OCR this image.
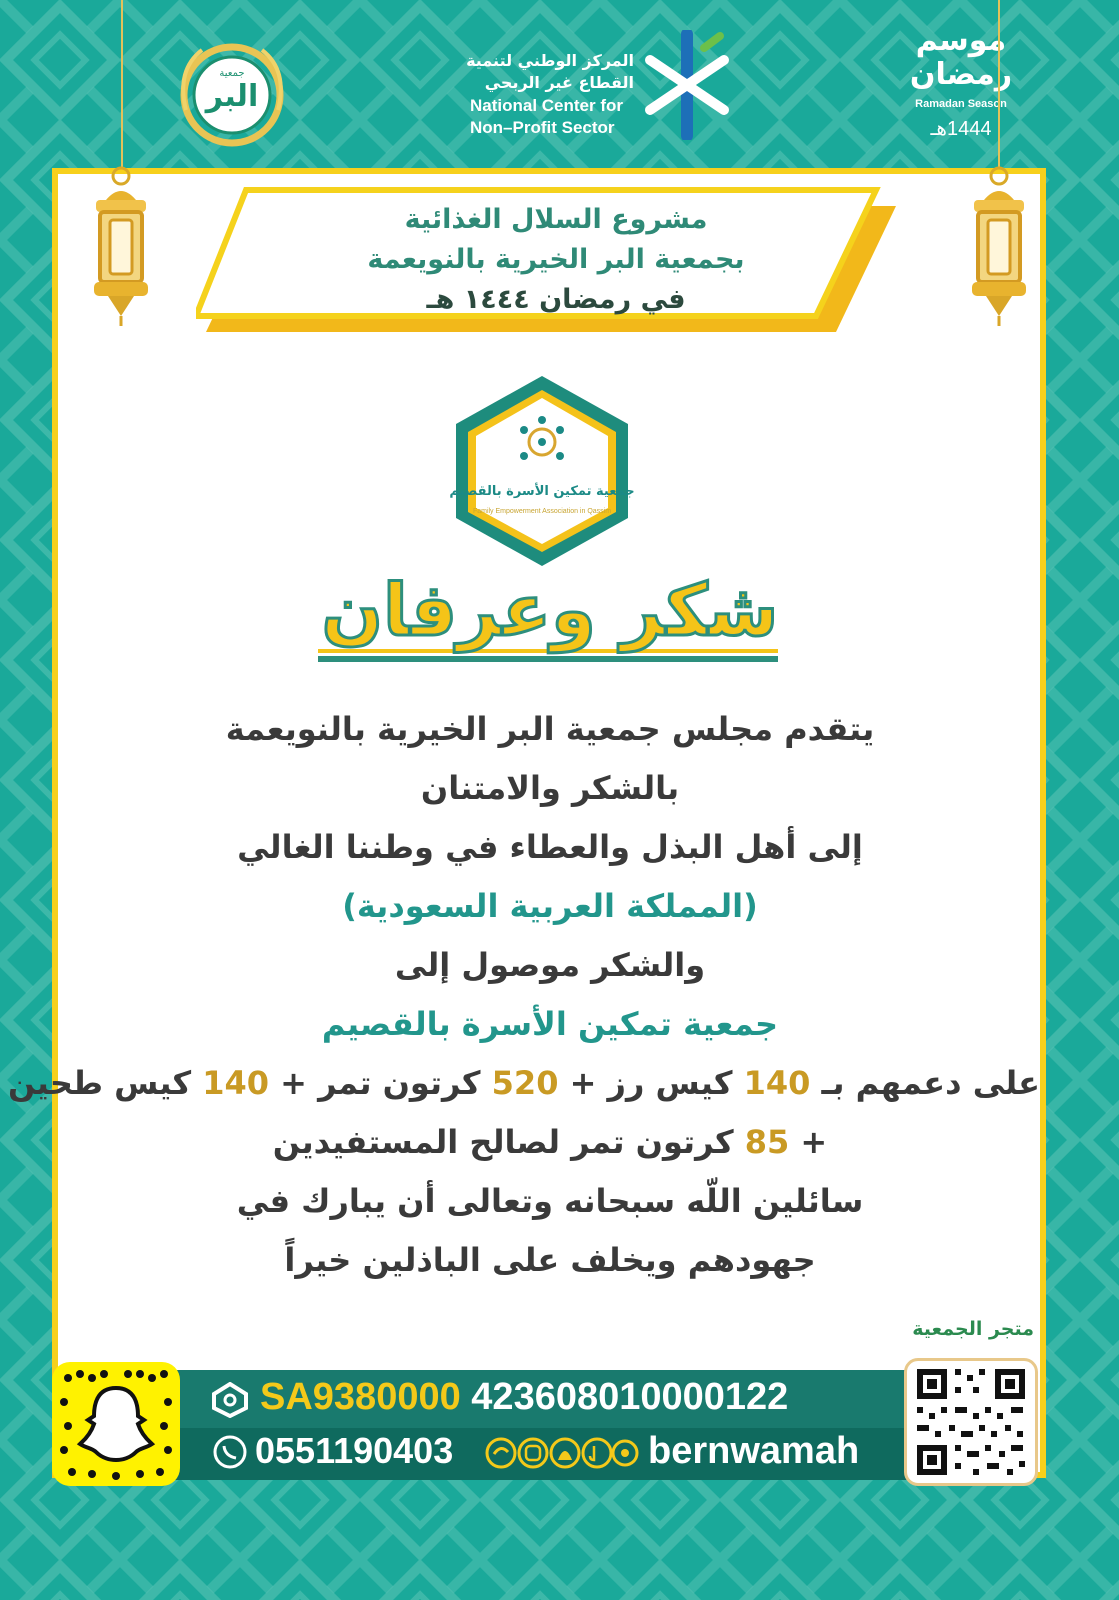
البر
جمعية
المركز الوطني لتنمية
القطاع غير الربحي
National Center for
Non–Profit Sector
موسم رمضان
Ramadan Season
1444هـ
مشروع السلال الغذائية
بجمعية البر الخيرية بالنويعمة
في رمضان ١٤٤٤ هـ
جمعية تمكين الأسرة بالقصيم
Family Empowerment Association in Qassim
شكر وعرفان
يتقدم مجلس جمعية البر الخيرية بالنويعمة
بالشكر والامتنان
إلى أهل البذل والعطاء في وطننا الغالي
(المملكة العربية السعودية)
والشكر موصول إلى
جمعية تمكين الأسرة بالقصيم
على دعمهم بـ 140 كيس رز + 520 كرتون تمر + 140 كيس طحين
+ 85 كرتون تمر لصالح المستفيدين
سائلين اللّه سبحانه وتعالى أن يبارك في
جهودهم ويخلف على الباذلين خيراً
متجر الجمعية
SA9380000 423608010000122
0551190403	bernwamah
